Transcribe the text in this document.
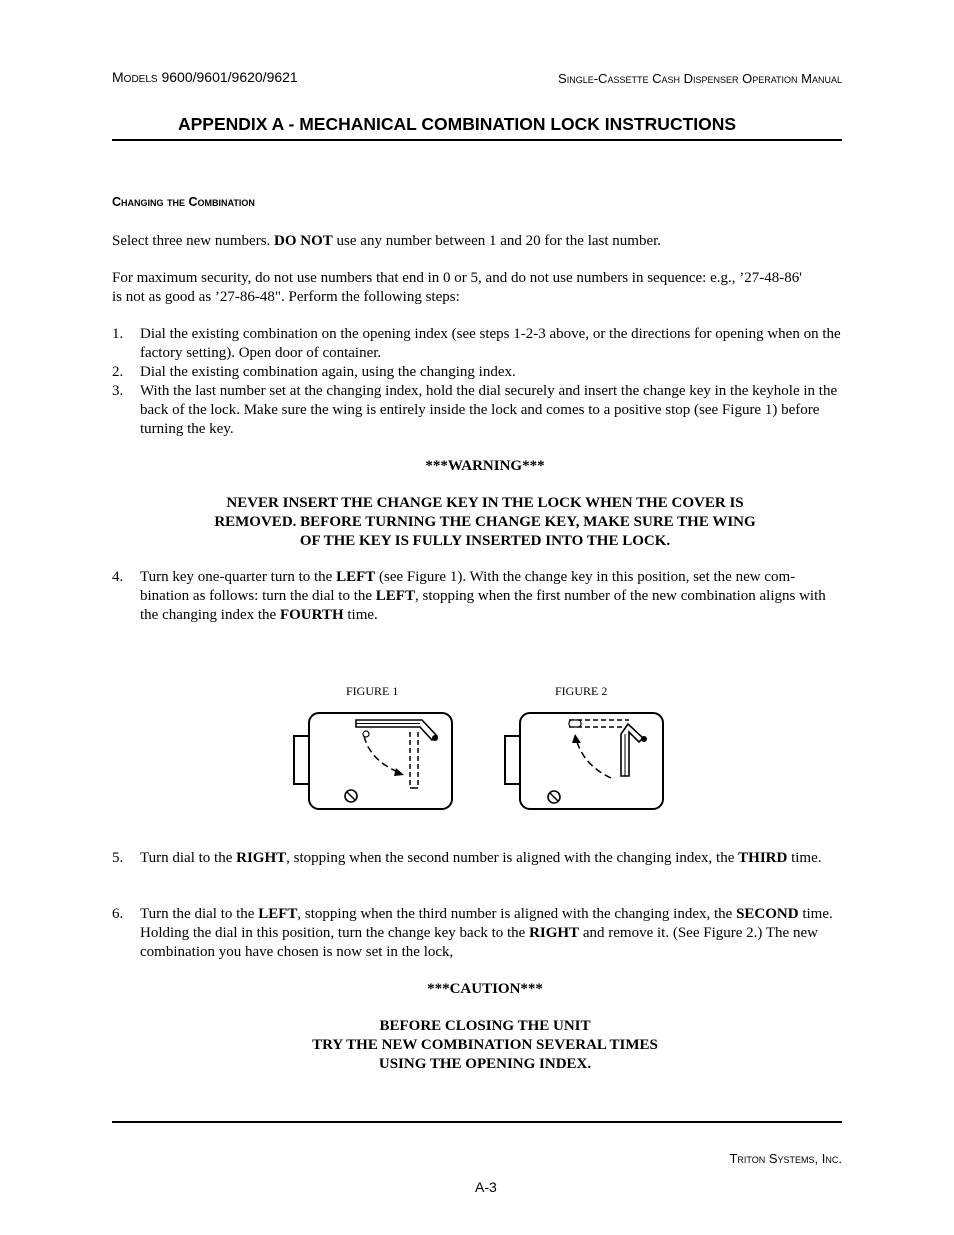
Models 9600/9601/9620/9621	Single-Cassette Cash Dispenser Operation Manual
APPENDIX A - MECHANICAL COMBINATION LOCK INSTRUCTIONS
Changing the Combination
Select three new numbers. DO NOT use any number between 1 and 20 for the last number.
For maximum security, do not use numbers that end in 0 or 5, and do not use numbers in sequence: e.g., ’27-48-86'
is not as good as ’27-86-48". Perform the following steps:
1. Dial the existing combination on the opening index (see steps 1-2-3 above, or the directions for opening when on the factory setting). Open door of container.
2. Dial the existing combination again, using the changing index.
3. With the last number set at the changing index, hold the dial securely and insert the change key in the keyhole in the back of the lock. Make sure the wing is entirely inside the lock and comes to a positive stop (see Figure 1) before turning the key.
***WARNING***
NEVER INSERT THE CHANGE KEY IN THE LOCK WHEN THE COVER IS
REMOVED. BEFORE TURNING THE CHANGE KEY, MAKE SURE THE WING
OF THE KEY IS FULLY INSERTED INTO THE LOCK.
4. Turn key one-quarter turn to the LEFT (see Figure 1). With the change key in this position, set the new com-bination as follows: turn the dial to the LEFT, stopping when the first number of the new combination aligns with the changing index the FOURTH time.
FIGURE 1	FIGURE 2
5. Turn dial to the RIGHT, stopping when the second number is aligned with the changing index, the THIRD time.
6. Turn the dial to the LEFT, stopping when the third number is aligned with the changing index, the SECOND time. Holding the dial in this position, turn the change key back to the RIGHT and remove it. (See Figure 2.) The new combination you have chosen is now set in the lock,
***CAUTION***
BEFORE CLOSING THE UNIT
TRY THE NEW COMBINATION SEVERAL TIMES
USING THE OPENING INDEX.
Triton Systems, Inc.
A-3
